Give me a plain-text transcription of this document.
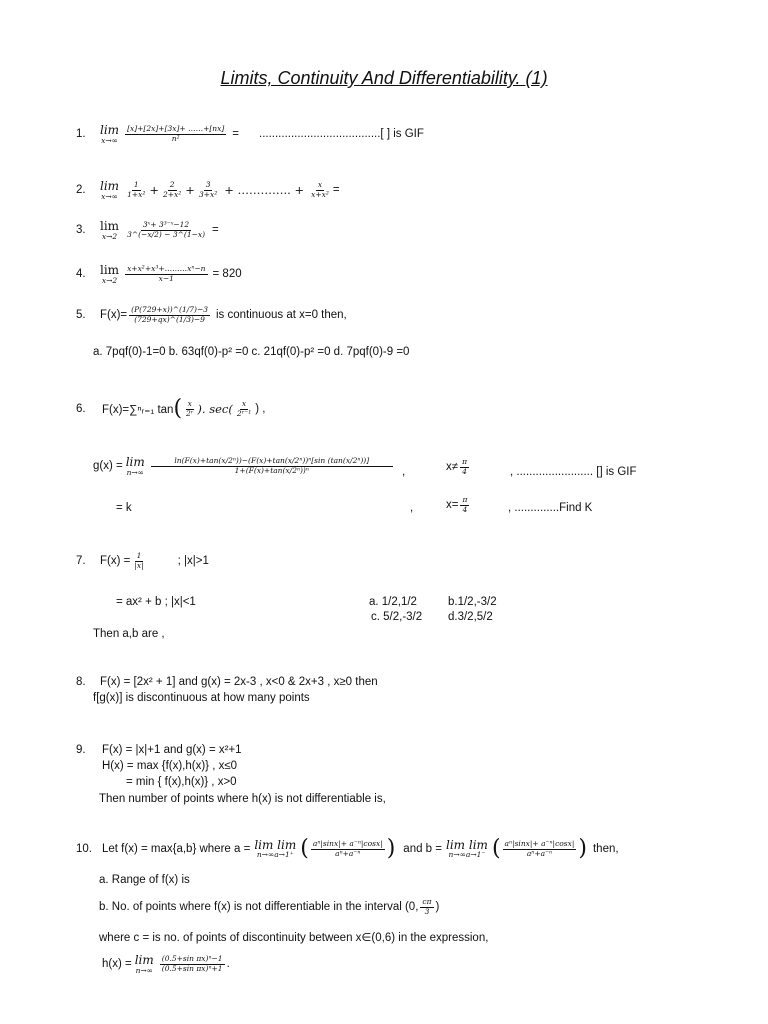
Limits, Continuity And Differentiability. (1)
1.	lim
$x\to\infty \frac{[x]+[2x]+[3x]+ \dots\dots+[nx]}{\text{n²}}$ = ......................................[ ] is GIF
2.	lim
$x\to\infty \frac{1}{\text{1+x²}} + \frac{2}{\text{2+x²}} + \frac{3}{\text{3+x²}}$ + ………….. + $\frac{x}{\text{x+x²}}$ =
3.	lim
$x\to 2 \frac{\text{3ˣ+ 3³⁻ˣ−12}}{3\^{}(-x/2) - 3\^{}(1-x)}$ =
4.	lim
$x\to 2 \frac{\text{x+x²+x³+………xⁿ−n}}{x-1} = 820$
5.	$F(x)= \frac{(P(729+x))\^{}(1/7)-3}{(729+qx)\^{}(1/3)-9}$ is continuous at x=0 then,
a. 7pqf(0)-1=0 b. 63qf(0)-p² =0 c. 21qf(0)-p² =0 d. 7pqf(0)-9 =0
6.	F(x)=∑ⁿᵣ₌₁ tan ( $\frac{x}{\text{2ʳ}}$ ). $\sec( \frac{x}{\text{2ʳ⁻¹}}$ ) ,
g(x) = lim
$n\to\infty \frac{\text{ln(F(x)+tan(x/2ⁿ))−(F(x)+tan(x/2ⁿ))ⁿ[sin (tan(x/2ⁿ))]}}{\text{1+(F(x)+tan(x/2ⁿ))ⁿ}}$ ,	$x\ne \frac{\pi}{4}$	, ........................ [] is GIF
= k	,	$x= \frac{\pi}{4}$	, ..............Find K
7.	$F(x) = \frac{1}{|x|}$	; |x|>1
= ax² + b ; |x|<1	a. 1/2,1/2	b.1/2,-3/2
c. 5/2,-3/2 d.3/2,5/2
Then a,b are ,
8. F(x) = [2x² + 1] and g(x) = 2x-3 , x<0 & 2x+3 , x≥0 then
f[g(x)] is discontinuous at how many points
9. F(x) = |x|+1 and g(x) = x²+1
H(x) = max {f(x),h(x)} , x≤0
= min { f(x),h(x)} , x>0
Then number of points where h(x) is not differentiable is,
10. Let f(x) = max{a,b} where a = lim lim
n→∞a→1⁺ ( $\frac{\text{aⁿ|sinx|+ a⁻ⁿ|cosx|}}{\text{aⁿ+a⁻ⁿ}}$ ) and b = lim lim
n→∞a→1⁻ ( $\frac{\text{aⁿ|sinx|+ a⁻ⁿ|cosx|}}{\text{aⁿ+a⁻ⁿ}}$ ) then,
a. Range of f(x) is
b. No. of points where f(x) is not differentiable in the interval (0, $\frac{c\pi}{3}$ )
where c = is no. of points of discontinuity between x∈(0,6) in the expression,
h(x) = lim
$n\to\infty \frac{\text{(0.5+sin πx)ⁿ−1}}{\text{(0.5+sin πx)ⁿ+1}}$ .
